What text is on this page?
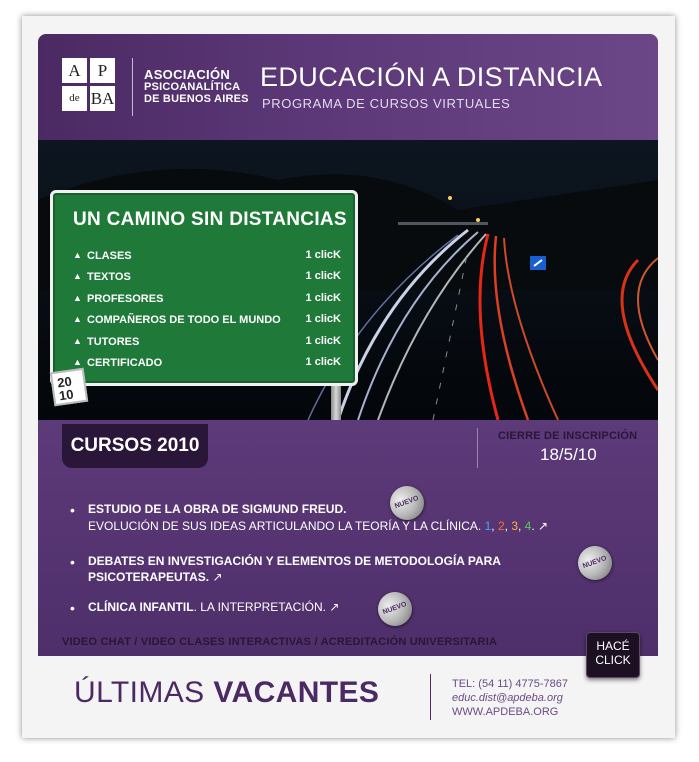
A	P
de BA
ASOCIACIÓN
PSICOANALÍTICA
DE BUENOS AIRES
EDUCACIÓN A DISTANCIA
PROGRAMA DE CURSOS VIRTUALES
UN CAMINO SIN DISTANCIAS
▲ CLASES	1 clicK
▲ TEXTOS	1 clicK
▲ PROFESORES	1 clicK
▲ COMPAÑEROS DE TODO EL MUNDO 1 clicK
▲ TUTORES	1 clicK
▲ CERTIFICADO	1 clicK
20
10
CURSOS 2010	CIERRE DE INSCRIPCIÓN
18/5/10
• ESTUDIO DE LA OBRA DE SIGMUND FREUD.
EVOLUCIÓN DE SUS IDEAS ARTICULANDO LA TEORÍA Y LA CLÍNICA. 1, 2, 3, 4. ↗
NUEVO
• DEBATES EN INVESTIGACIÓN Y ELEMENTOS DE METODOLOGÍA PARA
PSICOTERAPEUTAS. ↗
NUEVO
• CLÍNICA INFANTIL. LA INTERPRETACIÓN. ↗	NUEVO
VIDEO CHAT / VIDEO CLASES INTERACTIVAS / ACREDITACIÓN UNIVERSITARIA	HACÉ
CLICK
ÚLTIMAS VACANTES	TEL: (54 11) 4775-7867
educ.dist@apdeba.org
WWW.APDEBA.ORG
